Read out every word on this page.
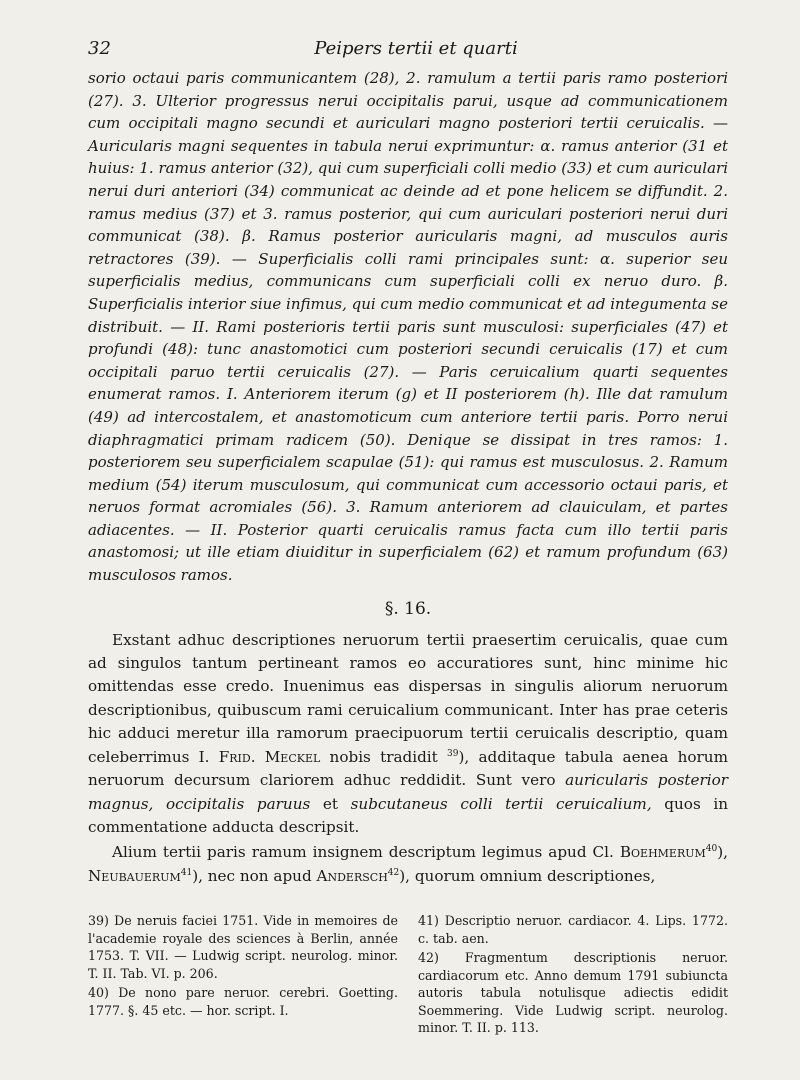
32	Peipers tertii et quarti

sorio octaui paris communicantem (28), 2. ramulum a tertii paris ramo posteriori (27). 3. Ulterior progressus nerui occipitalis parui, usque ad communicationem cum occipitali magno secundi et auriculari magno posteriori tertii ceruicalis. — Auricularis magni sequentes in tabula nerui exprimuntur: α. ramus anterior (31 et huius: 1. ramus anterior (32), qui cum superficiali colli medio (33) et cum auriculari nerui duri anteriori (34) communicat ac deinde ad et pone helicem se diffundit. 2. ramus medius (37) et 3. ramus posterior, qui cum auriculari posteriori nerui duri communicat (38). β. Ramus posterior auricularis magni, ad musculos auris retractores (39). — Superficialis colli rami principales sunt: α. superior seu superficialis medius, communicans cum superficiali colli ex neruo duro. β. Superficialis interior siue infimus, qui cum medio communicat et ad integumenta se distribuit. — II. Rami posterioris tertii paris sunt musculosi: superficiales (47) et profundi (48): tunc anastomotici cum posteriori secundi ceruicalis (17) et cum occipitali paruo tertii ceruicalis (27). — Paris ceruicalium quarti sequentes enumerat ramos. I. Anteriorem iterum (g) et II posteriorem (h). Ille dat ramulum (49) ad intercostalem, et anastomoticum cum anteriore tertii paris. Porro nerui diaphragmatici primam radicem (50). Denique se dissipat in tres ramos: 1. posteriorem seu superficialem scapulae (51): qui ramus est musculosus. 2. Ramum medium (54) iterum musculosum, qui communicat cum accessorio octaui paris, et neruos format acromiales (56). 3. Ramum anteriorem ad clauiculam, et partes adiacentes. — II. Posterior quarti ceruicalis ramus facta cum illo tertii paris anastomosi; ut ille etiam diuiditur in superficialem (62) et ramum profundum (63) musculosos ramos.

§. 16.

Exstant adhuc descriptiones neruorum tertii praesertim ceruicalis, quae cum ad singulos tantum pertineant ramos eo accuratiores sunt, hinc minime hic omittendas esse credo. Inuenimus eas dispersas in singulis aliorum neruorum descriptionibus, quibuscum rami ceruicalium communicant. Inter has prae ceteris hic adduci meretur illa ramorum praecipuorum tertii ceruicalis descriptio, quam celeberrimus I. Frid. Meckel nobis tradidit $^{39}$), additaque tabula aenea horum neruorum decursum clariorem adhuc reddidit. Sunt vero auricularis posterior magnus, occipitalis paruus et subcutaneus colli tertii ceruicalium, quos in commentatione adducta descripsit.

Alium tertii paris ramum insignem descriptum legimus apud Cl. Boehmerum$^{40}$), Neubauerum$^{41}$), nec non apud Andersch$^{42}$), quorum omnium descriptiones,

39) De neruis faciei 1751. Vide in memoires de l'academie royale des sciences à Berlin, année 1753. T. VII. — Ludwig script. neurolog. minor. T. II. Tab. VI. p. 206.

40) De nono pare neruor. cerebri. Goetting. 1777. §. 45 etc. — hor. script. I.

41) Descriptio neruor. cardiacor. 4. Lips. 1772. c. tab. aen.

42) Fragmentum descriptionis neruor. cardiacorum etc. Anno demum 1791 subiuncta autoris tabula notulisque adiectis edidit Soemmering. Vide Ludwig script. neurolog. minor. T. II. p. 113.
